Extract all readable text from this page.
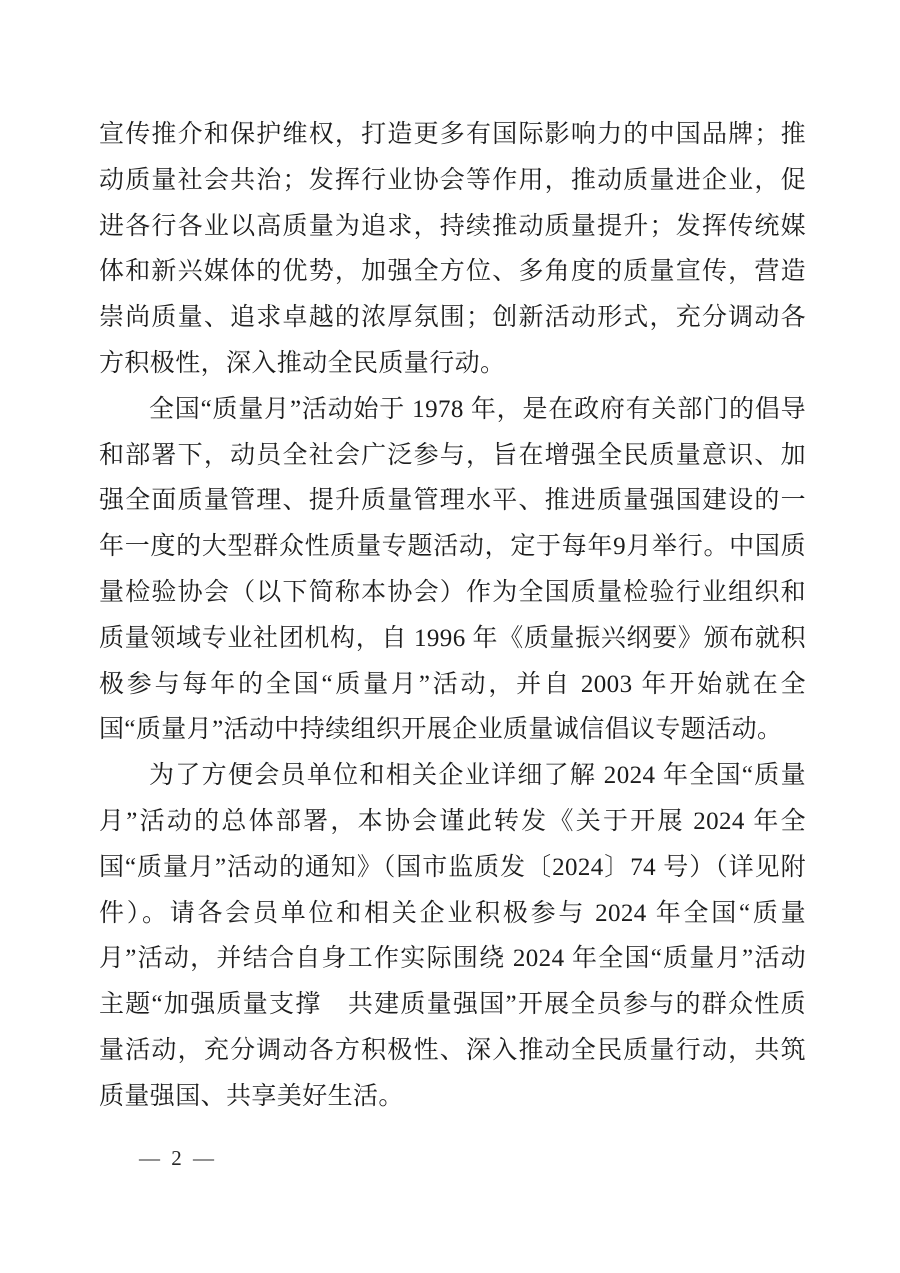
宣传推介和保护维权，打造更多有国际影响力的中国品牌；推动质量社会共治；发挥行业协会等作用，推动质量进企业，促进各行各业以高质量为追求，持续推动质量提升；发挥传统媒体和新兴媒体的优势，加强全方位、多角度的质量宣传，营造崇尚质量、追求卓越的浓厚氛围；创新活动形式，充分调动各方积极性，深入推动全民质量行动。

全国“质量月”活动始于 1978 年，是在政府有关部门的倡导和部署下，动员全社会广泛参与，旨在增强全民质量意识、加强全面质量管理、提升质量管理水平、推进质量强国建设的一年一度的大型群众性质量专题活动，定于每年9月举行。中国质量检验协会（以下简称本协会）作为全国质量检验行业组织和质量领域专业社团机构，自 1996 年《质量振兴纲要》颁布就积极参与每年的全国“质量月”活动，并自 2003 年开始就在全国“质量月”活动中持续组织开展企业质量诚信倡议专题活动。

为了方便会员单位和相关企业详细了解 2024 年全国“质量月”活动的总体部署，本协会谨此转发《关于开展 2024 年全国“质量月”活动的通知》（国市监质发〔2024〕74 号）（详见附件）。请各会员单位和相关企业积极参与 2024 年全国“质量月”活动，并结合自身工作实际围绕 2024 年全国“质量月”活动主题“加强质量支撑　共建质量强国”开展全员参与的群众性质量活动，充分调动各方积极性、深入推动全民质量行动，共筑质量强国、共享美好生活。

— 2 —
